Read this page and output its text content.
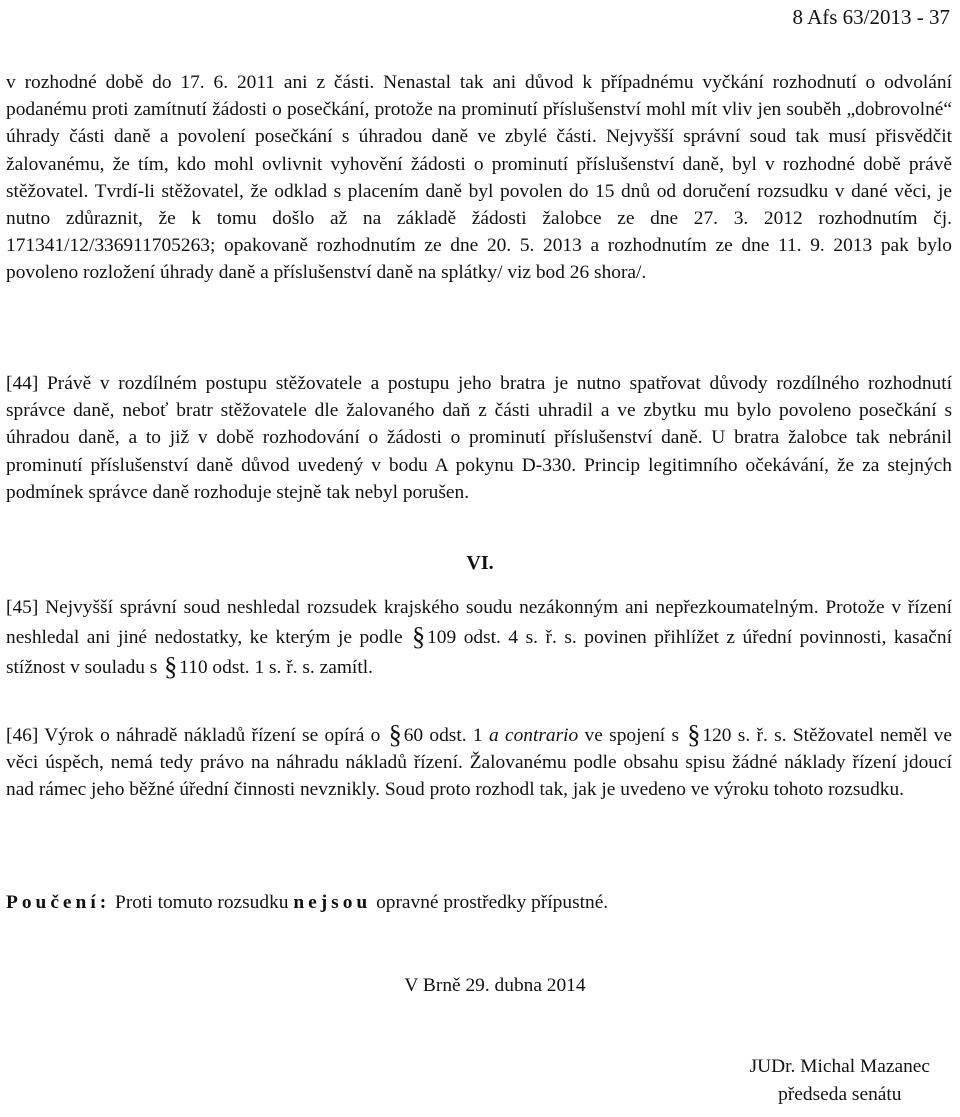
8 Afs 63/2013 - 37

v rozhodné době do 17. 6. 2011 ani z části. Nenastal tak ani důvod k případnému vyčkání rozhodnutí o odvolání podanému proti zamítnutí žádosti o posečkání, protože na prominutí příslušenství mohl mít vliv jen souběh „dobrovolné“ úhrady části daně a povolení posečkání s úhradou daně ve zbylé části. Nejvyšší správní soud tak musí přisvědčit žalovanému, že tím, kdo mohl ovlivnit vyhovění žádosti o prominutí příslušenství daně, byl v rozhodné době právě stěžovatel. Tvrdí-li stěžovatel, že odklad s placením daně byl povolen do 15 dnů od doručení rozsudku v dané věci, je nutno zdůraznit, že k tomu došlo až na základě žádosti žalobce ze dne 27. 3. 2012 rozhodnutím čj. 171341/12/336911705263; opakovaně rozhodnutím ze dne 20. 5. 2013 a rozhodnutím ze dne 11. 9. 2013 pak bylo povoleno rozložení úhrady daně a příslušenství daně na splátky/ viz bod 26 shora/.

[44] Právě v rozdílném postupu stěžovatele a postupu jeho bratra je nutno spatřovat důvody rozdílného rozhodnutí správce daně, neboť bratr stěžovatele dle žalovaného daň z části uhradil a ve zbytku mu bylo povoleno posečkání s úhradou daně, a to již v době rozhodování o žádosti o prominutí příslušenství daně. U bratra žalobce tak nebránil prominutí příslušenství daně důvod uvedený v bodu A pokynu D-330. Princip legitimního očekávání, že za stejných podmínek správce daně rozhoduje stejně tak nebyl porušen.

VI.

[45] Nejvyšší správní soud neshledal rozsudek krajského soudu nezákonným ani nepřezkoumatelným. Protože v řízení neshledal ani jiné nedostatky, ke kterým je podle § 109 odst. 4 s. ř. s. povinen přihlížet z úřední povinnosti, kasační stížnost v souladu s § 110 odst. 1 s. ř. s. zamítl.

[46] Výrok o náhradě nákladů řízení se opírá o § 60 odst. 1 a contrario ve spojení s § 120 s. ř. s. Stěžovatel neměl ve věci úspěch, nemá tedy právo na náhradu nákladů řízení. Žalovanému podle obsahu spisu žádné náklady řízení jdoucí nad rámec jeho běžné úřední činnosti nevznikly. Soud proto rozhodl tak, jak je uvedeno ve výroku tohoto rozsudku.

Poučení: Proti tomuto rozsudku nejsou opravné prostředky přípustné.
V Brně 29. dubna 2014
JUDr. Michal Mazanec
předseda senátu
